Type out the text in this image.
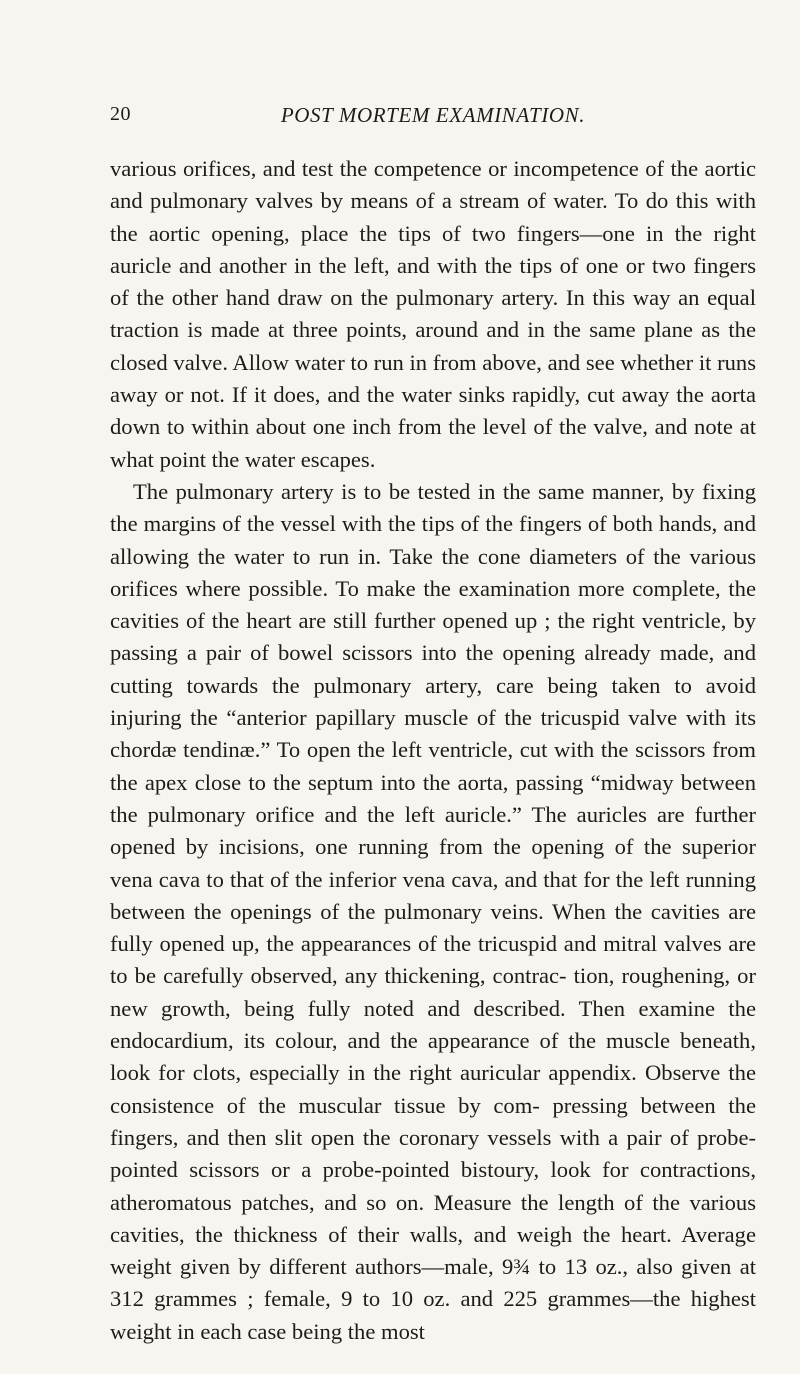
20	POST MORTEM EXAMINATION.

various orifices, and test the competence or incompetence of the aortic and pulmonary valves by means of a stream of water. To do this with the aortic opening, place the tips of two fingers—one in the right auricle and another in the left, and with the tips of one or two fingers of the other hand draw on the pulmonary artery. In this way an equal traction is made at three points, around and in the same plane as the closed valve. Allow water to run in from above, and see whether it runs away or not. If it does, and the water sinks rapidly, cut away the aorta down to within about one inch from the level of the valve, and note at what point the water escapes.

The pulmonary artery is to be tested in the same manner, by fixing the margins of the vessel with the tips of the fingers of both hands, and allowing the water to run in. Take the cone diameters of the various orifices where possible. To make the examination more complete, the cavities of the heart are still further opened up ; the right ventricle, by passing a pair of bowel scissors into the opening already made, and cutting towards the pulmonary artery, care being taken to avoid injuring the “anterior papillary muscle of the tricuspid valve with its chordæ tendinæ.” To open the left ventricle, cut with the scissors from the apex close to the septum into the aorta, passing “midway between the pulmonary orifice and the left auricle.” The auricles are further opened by incisions, one running from the opening of the superior vena cava to that of the inferior vena cava, and that for the left running between the openings of the pulmonary veins. When the cavities are fully opened up, the appearances of the tricuspid and mitral valves are to be carefully observed, any thickening, contrac- tion, roughening, or new growth, being fully noted and described. Then examine the endocardium, its colour, and the appearance of the muscle beneath, look for clots, especially in the right auricular appendix. Observe the consistence of the muscular tissue by com- pressing between the fingers, and then slit open the coronary vessels with a pair of probe-pointed scissors or a probe-pointed bistoury, look for contractions, atheromatous patches, and so on. Measure the length of the various cavities, the thickness of their walls, and weigh the heart. Average weight given by different authors—male, 9¾ to 13 oz., also given at 312 grammes ; female, 9 to 10 oz. and 225 grammes—the highest weight in each case being the most
